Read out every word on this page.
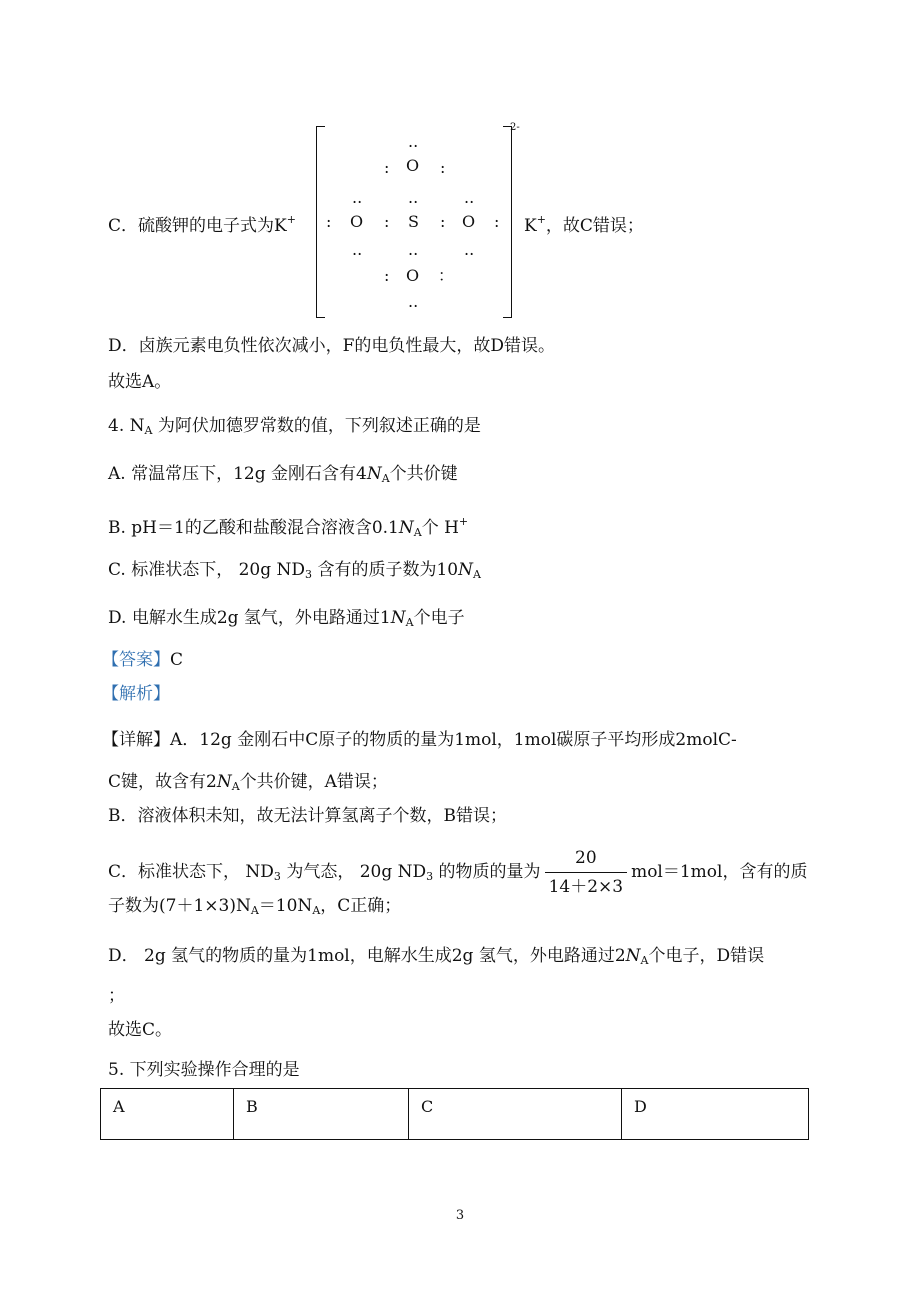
C．硫酸钾的电子式为K+
..
: O :
..	..	..
: O : S : O :
..	..	..
: O ：
..
2-
K+，故C错误；
D．卤族元素电负性依次减小，F的电负性最大，故D错误。
故选A。
4. $N_A$ 为阿伏加德罗常数的值，下列叙述正确的是
A. 常温常压下，12g 金刚石含有$4N_A$个共价键
B. pH＝1的乙酸和盐酸混合溶液含$0.1N_A$个 H+
C. 标准状态下， 20g $ND_3$ 含有的质子数为$10N_A$
D. 电解水生成2g 氢气，外电路通过$1N_A$个电子
【答案】C
【解析】
【详解】A．12g 金刚石中C原子的物质的量为1mol，1mol碳原子平均形成2molC-
C键，故含有$2N_A$个共价键，A错误；
B．溶液体积未知，故无法计算氢离子个数，B错误；
C．标准状态下， $ND_3$ 为气态， 20g $ND_3$ 的物质的量为 $\frac{20}{14+2\times 3} mol=1mol$，含有的质
子数为$(7+1\times 3)N_A=10N_A$，C正确；
D． 2g 氢气的物质的量为1mol，电解水生成2g 氢气，外电路通过$2N_A$个电子，D错误
；
故选C。
5. 下列实验操作合理的是
A	B	C	D
3
